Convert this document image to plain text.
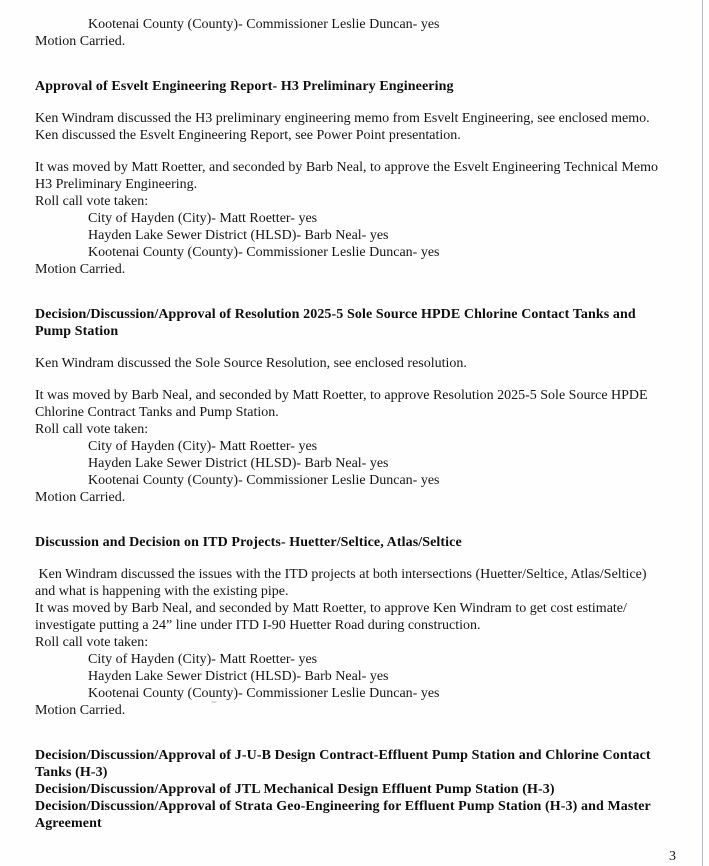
Kootenai County (County)- Commissioner Leslie Duncan- yes
Motion Carried.
Approval of Esvelt Engineering Report- H3 Preliminary Engineering
Ken Windram discussed the H3 preliminary engineering memo from Esvelt Engineering, see enclosed memo.
Ken discussed the Esvelt Engineering Report, see Power Point presentation.
It was moved by Matt Roetter, and seconded by Barb Neal, to approve the Esvelt Engineering Technical Memo
H3 Preliminary Engineering.
Roll call vote taken:
City of Hayden (City)- Matt Roetter- yes
Hayden Lake Sewer District (HLSD)- Barb Neal- yes
Kootenai County (County)- Commissioner Leslie Duncan- yes
Motion Carried.
Decision/Discussion/Approval of Resolution 2025-5 Sole Source HPDE Chlorine Contact Tanks and
Pump Station
Ken Windram discussed the Sole Source Resolution, see enclosed resolution.
It was moved by Barb Neal, and seconded by Matt Roetter, to approve Resolution 2025-5 Sole Source HPDE
Chlorine Contract Tanks and Pump Station.
Roll call vote taken:
City of Hayden (City)- Matt Roetter- yes
Hayden Lake Sewer District (HLSD)- Barb Neal- yes
Kootenai County (County)- Commissioner Leslie Duncan- yes
Motion Carried.
Discussion and Decision on ITD Projects- Huetter/Seltice, Atlas/Seltice
Ken Windram discussed the issues with the ITD projects at both intersections (Huetter/Seltice, Atlas/Seltice)
and what is happening with the existing pipe.
It was moved by Barb Neal, and seconded by Matt Roetter, to approve Ken Windram to get cost estimate/
investigate putting a 24” line under ITD I-90 Huetter Road during construction.
Roll call vote taken:
City of Hayden (City)- Matt Roetter- yes
Hayden Lake Sewer District (HLSD)- Barb Neal- yes
Kootenai County (County)- Commissioner Leslie Duncan- yes
Motion Carried.
Decision/Discussion/Approval of J-U-B Design Contract-Effluent Pump Station and Chlorine Contact
Tanks (H-3)
Decision/Discussion/Approval of JTL Mechanical Design Effluent Pump Station (H-3)
Decision/Discussion/Approval of Strata Geo-Engineering for Effluent Pump Station (H-3) and Master
Agreement
3
